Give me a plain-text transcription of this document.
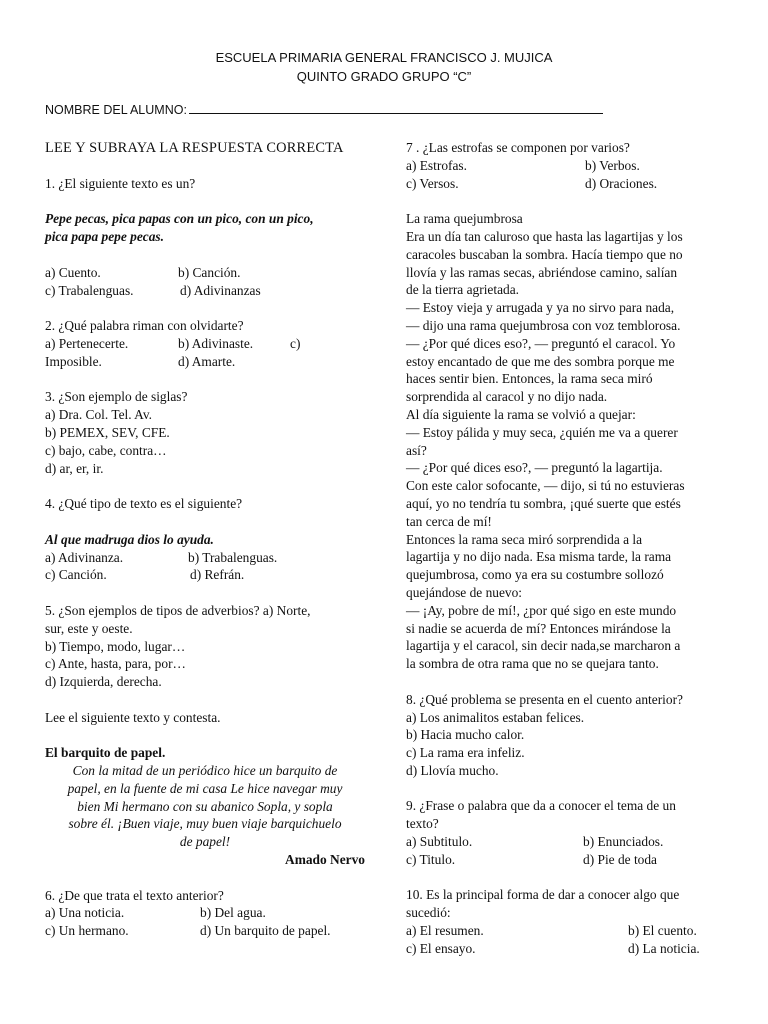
ESCUELA PRIMARIA GENERAL FRANCISCO J. MUJICA
QUINTO GRADO GRUPO “C”
NOMBRE DEL ALUMNO:
LEE Y SUBRAYA LA RESPUESTA CORRECTA
1. ¿El siguiente texto es un?
Pepe pecas, pica papas con un pico, con un pico,
pica papa pepe pecas.
a) Cuento.	b) Canción.
c) Trabalenguas.	d) Adivinanzas
2. ¿Qué palabra riman con olvidarte?
a) Pertenecerte.	b) Adivinaste.	c)
Imposible.	d) Amarte.
3. ¿Son ejemplo de siglas?
a) Dra. Col. Tel. Av.
b) PEMEX, SEV, CFE.
c) bajo, cabe, contra…
d) ar, er, ir.
4. ¿Qué tipo de texto es el siguiente?
Al que madruga dios lo ayuda.
a) Adivinanza.	b) Trabalenguas.
c) Canción.	d) Refrán.
5. ¿Son ejemplos de tipos de adverbios? a) Norte,
sur, este y oeste.
b) Tiempo, modo, lugar…
c) Ante, hasta, para, por…
d) Izquierda, derecha.
Lee el siguiente texto y contesta.
El barquito de papel.
Con la mitad de un periódico hice un barquito de
papel, en la fuente de mi casa Le hice navegar muy
bien Mi hermano con su abanico Sopla, y sopla
sobre él. ¡Buen viaje, muy buen viaje barquichuelo
de papel!
Amado Nervo
6. ¿De que trata el texto anterior?
a) Una noticia.	b) Del agua.
c) Un hermano.	d) Un barquito de papel.
7 . ¿Las estrofas se componen por varios?
a) Estrofas.	b) Verbos.
c) Versos.	d) Oraciones.
La rama quejumbrosa
Era un día tan caluroso que hasta las lagartijas y los
caracoles buscaban la sombra. Hacía tiempo que no
llovía y las ramas secas, abriéndose camino, salían
de la tierra agrietada.
— Estoy vieja y arrugada y ya no sirvo para nada,
— dijo una rama quejumbrosa con voz temblorosa.
— ¿Por qué dices eso?, — preguntó el caracol. Yo
estoy encantado de que me des sombra porque me
haces sentir bien. Entonces, la rama seca miró
sorprendida al caracol y no dijo nada.
Al día siguiente la rama se volvió a quejar:
— Estoy pálida y muy seca, ¿quién me va a querer
así?
— ¿Por qué dices eso?, — preguntó la lagartija.
Con este calor sofocante, — dijo, si tú no estuvieras
aquí, yo no tendría tu sombra, ¡qué suerte que estés
tan cerca de mí!
Entonces la rama seca miró sorprendida a la
lagartija y no dijo nada. Esa misma tarde, la rama
quejumbrosa, como ya era su costumbre sollozó
quejándose de nuevo:
— ¡Ay, pobre de mí!, ¿por qué sigo en este mundo
si nadie se acuerda de mí? Entonces mirándose la
lagartija y el caracol, sin decir nada,se marcharon a
la sombra de otra rama que no se quejara tanto.
8. ¿Qué problema se presenta en el cuento anterior?
a) Los animalitos estaban felices.
b) Hacia mucho calor.
c) La rama era infeliz.
d) Llovía mucho.
9. ¿Frase o palabra que da a conocer el tema de un
texto?
a) Subtitulo.	b) Enunciados.
c) Titulo.	d) Pie de toda
10. Es la principal forma de dar a conocer algo que
sucedió:
a) El resumen.	b) El cuento.
c) El ensayo.	d) La noticia.
